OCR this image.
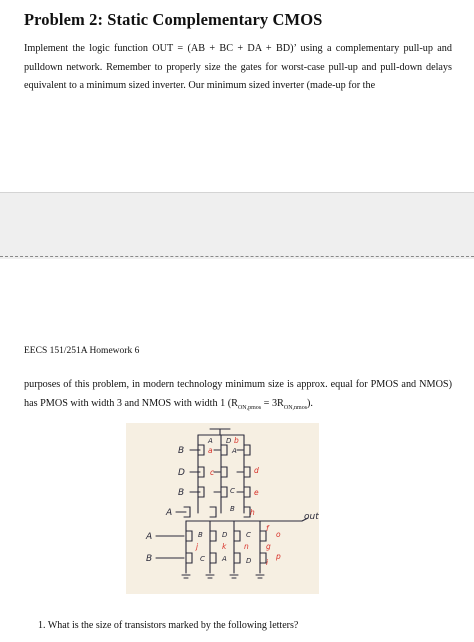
Problem 2: Static Complementary CMOS
Implement the logic function OUT = (AB + BC + DA + BD)’ using a complementary pull-up and pulldown network. Remember to properly size the gates for worst-case pull-up and pull-down delays equivalent to a minimum sized inverter. Our minimum sized inverter (made-up for the
EECS 151/251A Homework 6
purposes of this problem, in modern technology minimum size is approx. equal for PMOS and NMOS) has PMOS with width 3 and NMOS with width 1 $(R_{ON,pmos} = 3R_{ON,nmos})$.
B
D
B
A
A
B
a
b
d
c
e
h
f
g
i
o
j	k n
p
A D
A
C
B
B	D	C
A
C	D
out
1. What is the size of transistors marked by the following letters?
